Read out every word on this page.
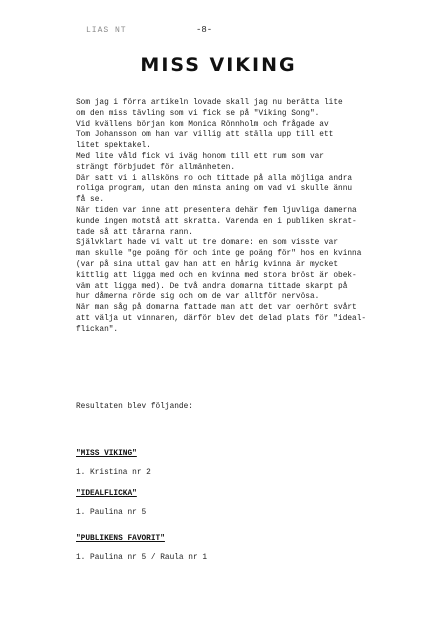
LIAS NT	-8-
MISS VIKING
Som jag i förra artikeln lovade skall jag nu berätta lite
om den miss tävling som vi fick se på "Viking Song".
Vid kvällens början kom Monica Rönnholm och frågade av
Tom Johansson om han var villig att ställa upp till ett
litet spektakel.
Med lite våld fick vi iväg honom till ett rum som var
strängt förbjudet för allmänheten.
Där satt vi i allsköns ro och tittade på alla möjliga andra
roliga program, utan den minsta aning om vad vi skulle ännu
få se.
När tiden var inne att presentera dehär fem ljuvliga damerna
kunde ingen motstå att skratta. Varenda en i publiken skrat-
tade så att tårarna rann.
Självklart hade vi valt ut tre domare: en som visste var
man skulle "ge poäng för och inte ge poäng för" hos en kvinna
(var på sina uttal gav han att en hårig kvinna är mycket
kittlig att ligga med och en kvinna med stora bröst är obek-
väm att ligga med). De två andra domarna tittade skarpt på
hur dåmerna rörde sig och om de var alltför nervösa.
När man såg på domarna fattade man att det var oerhört svårt
att välja ut vinnaren, därför blev det delad plats för "ideal-
flickan".
Resultaten blev följande:
"MISS VIKING"
1. Kristina nr 2
"IDEALFLICKA"
1. Paulina nr 5
"PUBLIKENS FAVORIT"
1. Paulina nr 5 / Raula nr 1
